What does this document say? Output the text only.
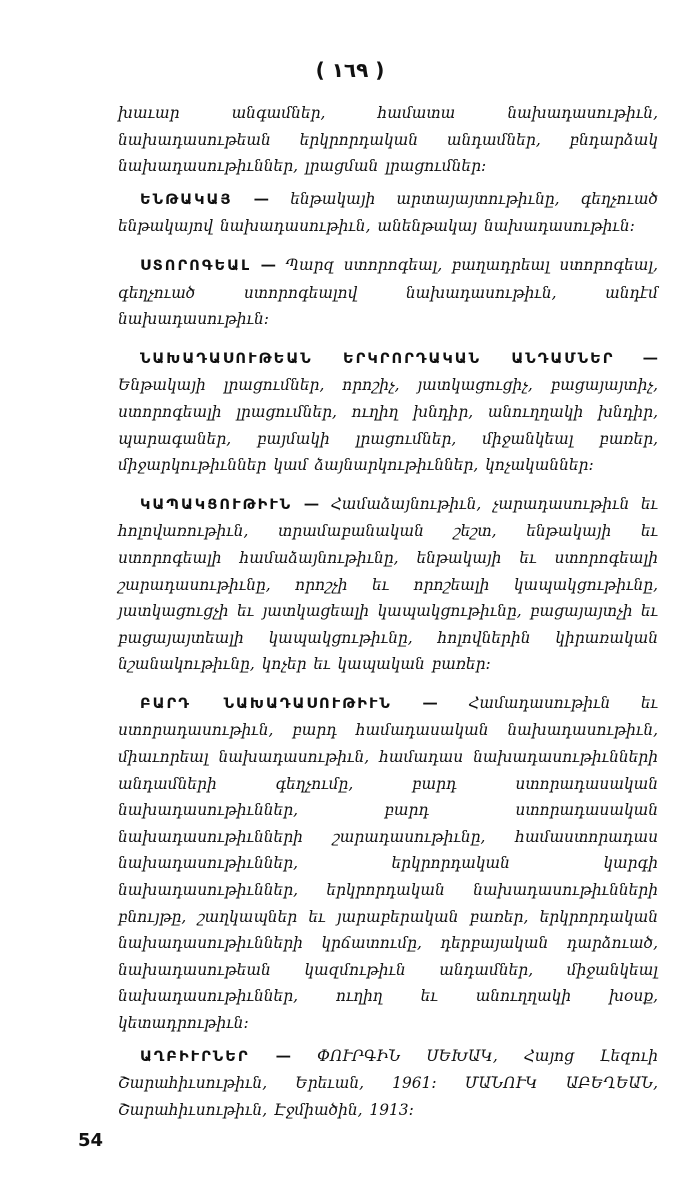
( ١٦٩ )

խաւար անգամներ, համատա նախադասութիւն, նախադասութեան երկրորդական անդամներ, բնդարձակ նախադասութիւններ, լրացման լրացումներ:

ԵՆԹԱԿԱՅ — ենթակայի արտայայտութիւնը, գեղչուած ենթակայով նախադասութիւն, անենթակայ նախադասութիւն:

ՍՏՈՐՈԳԵԱԼ — Պարզ ստորոգեալ, բաղադրեալ ստորոգեալ, գեղչուած ստորոգեալով նախադասութիւն, անդէմ նախադասութիւն:

ՆԱԽԱԴԱՍՈՒԹԵԱՆ ԵՐԿՐՈՐԴԱԿԱՆ ԱՆԴԱՄՆԵՐ — Ենթակայի լրացումներ, որոշիչ, յատկացուցիչ, բացայայտիչ, ստորոգեալի լրացումներ, ուղիղ խնդիր, անուղղակի խնդիր, պարագաներ, բայմակի լրացումներ, միջանկեալ բառեր, միջարկութիւններ կամ ձայնարկութիւններ, կոչականներ:

ԿԱՊԱԿՑՈՒԹԻՒՆ — Համաձայնութիւն, չարադասութիւն եւ հոլովառութիւն, տրամաբանական շեշտ, ենթակայի եւ ստորոգեալի համաձայնութիւնը, ենթակայի եւ ստորոգեալի շարադասութիւնը, որոշչի եւ որոշեալի կապակցութիւնը, յատկացուցչի եւ յատկացեալի կապակցութիւնը, բացայայտչի եւ բացայայտեալի կապակցութիւնը, հոլովներին կիրառական նշանակութիւնը, կոչեր եւ կապական բառեր:

ԲԱՐԴ ՆԱԽԱԴԱՍՈՒԹԻՒՆ — Համադասութիւն եւ ստորադասութիւն, բարդ համադասական նախադասութիւն, միաւորեալ նախադասութիւն, համադաս նախադասութիւնների անդամների գեղչումը, բարդ ստորադասական նախադասութիւններ, բարդ ստորադասական նախադասութիւնների շարադասութիւնը, համաստորադաս նախադասութիւններ, երկրորդական կարգի նախադասութիւններ, երկրորդական նախադասութիւնների բնույթը, շաղկապներ եւ յարաբերական բառեր, երկրորդական նախադասութիւնների կրճատումը, դերբայական դարձուած, նախադասութեան կազմութիւն անդամներ, միջանկեալ նախադասութիւններ, ուղիղ եւ անուղղակի խօսք, կետադրութիւն:

ԱՂԲԻՒՐՆԵՐ — ՓՈՒՐԳԻՆ ՍԵԽԱԿ, Հայոց Լեզուի Շարահիւսութիւն, Երեւան, 1961: ՄԱՆՈՒԿ ԱԲԵՂԵԱՆ, Շարահիւսութիւն, Էջմիածին, 1913:

54
